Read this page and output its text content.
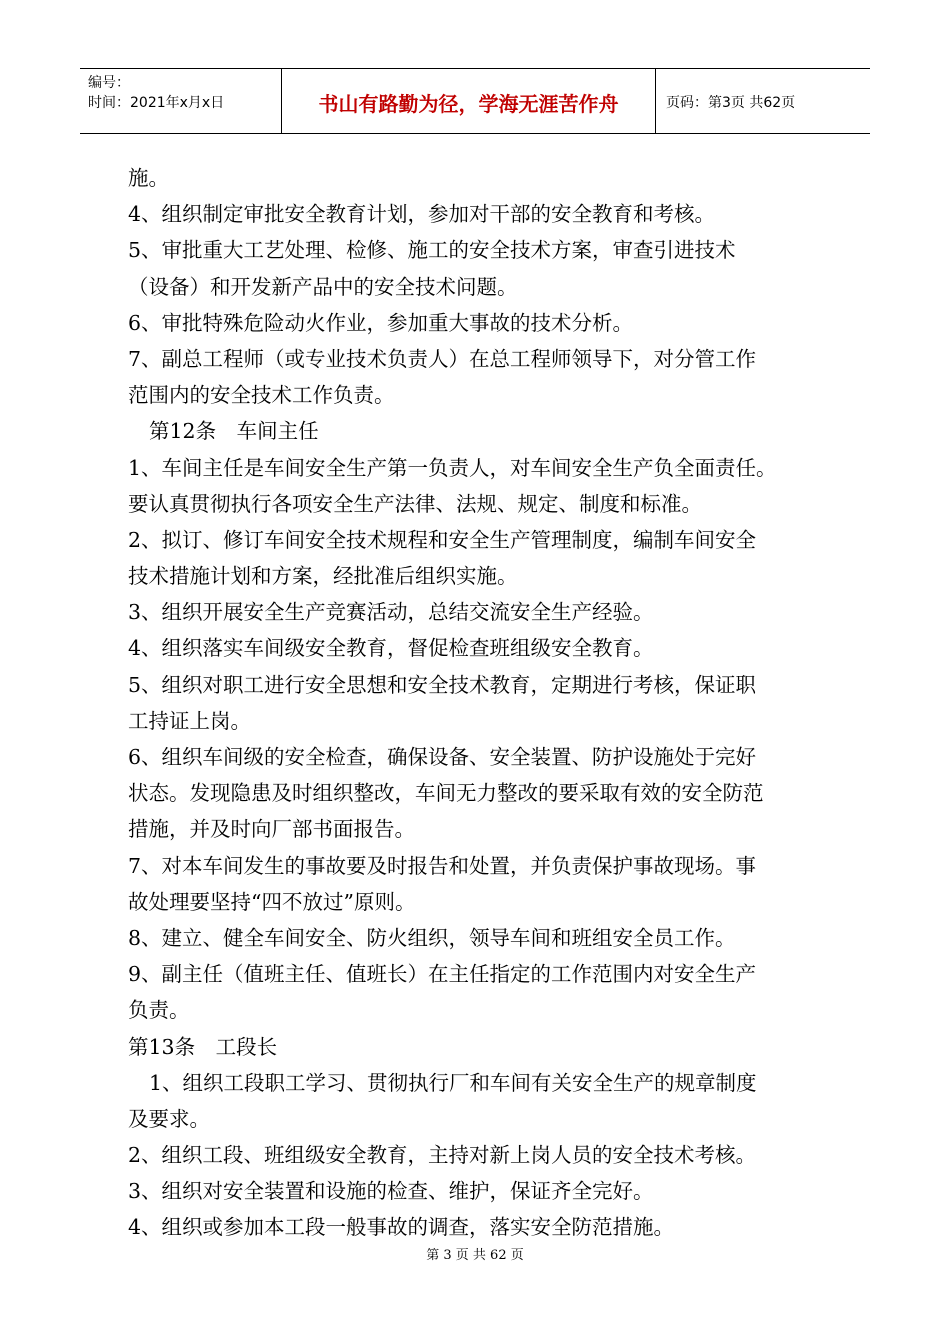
编号：
时间：2021年x月x日	书山有路勤为径，学海无涯苦作舟	页码：第3页 共62页
施。
4、组织制定审批安全教育计划，参加对干部的安全教育和考核。
5、审批重大工艺处理、检修、施工的安全技术方案，审查引进技术
（设备）和开发新产品中的安全技术问题。
6、审批特殊危险动火作业，参加重大事故的技术分析。
7、副总工程师（或专业技术负责人）在总工程师领导下，对分管工作
范围内的安全技术工作负责。
第12条　车间主任
1、车间主任是车间安全生产第一负责人，对车间安全生产负全面责任。
要认真贯彻执行各项安全生产法律、法规、规定、制度和标准。
2、拟订、修订车间安全技术规程和安全生产管理制度，编制车间安全
技术措施计划和方案，经批准后组织实施。
3、组织开展安全生产竞赛活动，总结交流安全生产经验。
4、组织落实车间级安全教育，督促检查班组级安全教育。
5、组织对职工进行安全思想和安全技术教育，定期进行考核，保证职
工持证上岗。
6、组织车间级的安全检查，确保设备、安全装置、防护设施处于完好
状态。发现隐患及时组织整改，车间无力整改的要采取有效的安全防范
措施，并及时向厂部书面报告。
7、对本车间发生的事故要及时报告和处置，并负责保护事故现场。事
故处理要坚持“四不放过”原则。
8、建立、健全车间安全、防火组织，领导车间和班组安全员工作。
9、副主任（值班主任、值班长）在主任指定的工作范围内对安全生产
负责。
第13条　工段长
1、组织工段职工学习、贯彻执行厂和车间有关安全生产的规章制度
及要求。
2、组织工段、班组级安全教育，主持对新上岗人员的安全技术考核。
3、组织对安全装置和设施的检查、维护，保证齐全完好。
4、组织或参加本工段一般事故的调查，落实安全防范措施。
第 3 页 共 62 页
